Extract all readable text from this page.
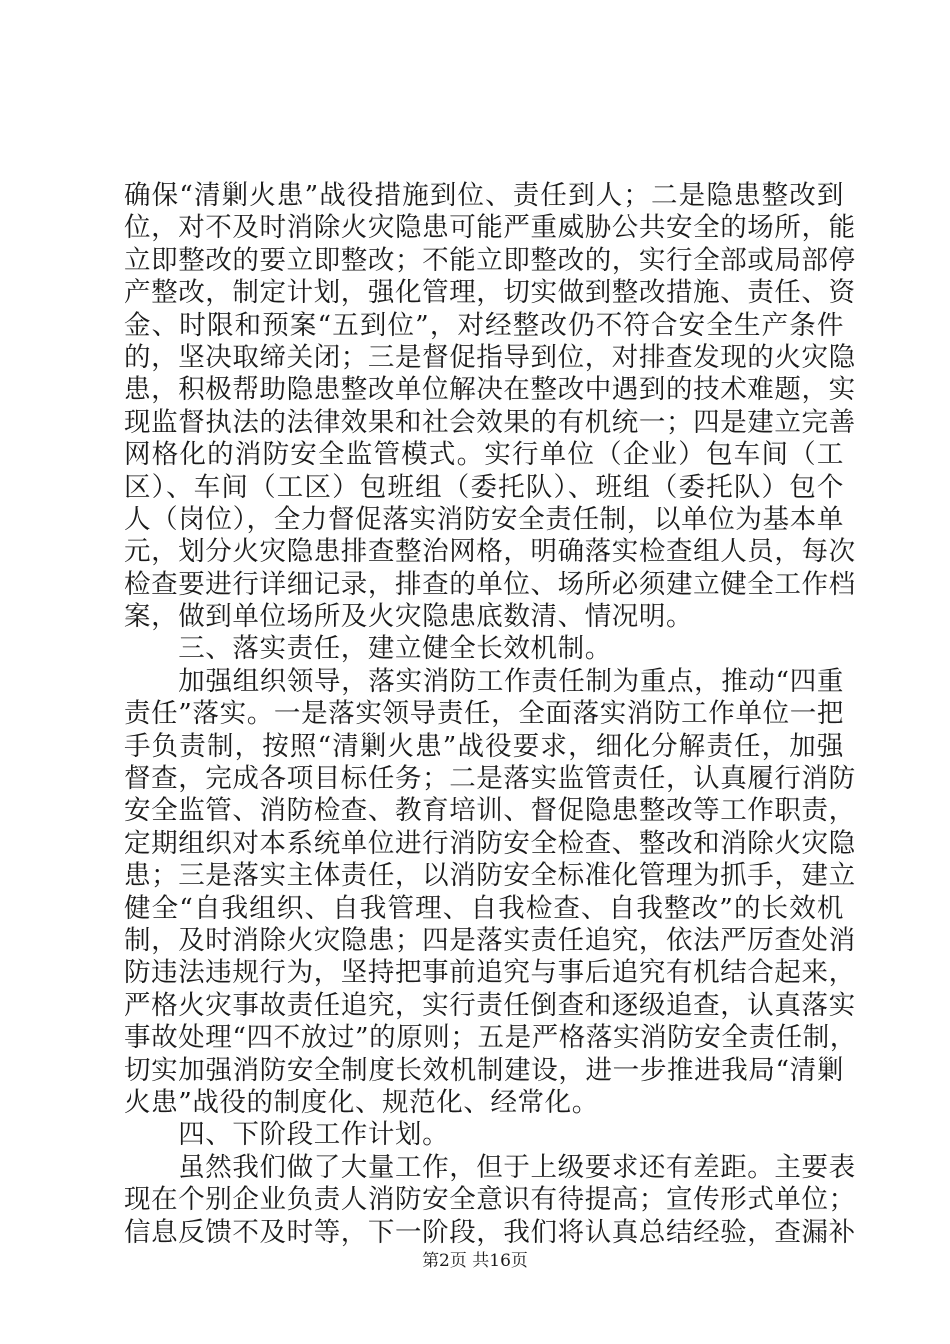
确保“清剿火患”战役措施到位、责任到人；二是隐患整改到
位，对不及时消除火灾隐患可能严重威胁公共安全的场所，能
立即整改的要立即整改；不能立即整改的，实行全部或局部停
产整改，制定计划，强化管理，切实做到整改措施、责任、资
金、时限和预案“五到位”，对经整改仍不符合安全生产条件
的，坚决取缔关闭；三是督促指导到位，对排查发现的火灾隐
患，积极帮助隐患整改单位解决在整改中遇到的技术难题，实
现监督执法的法律效果和社会效果的有机统一；四是建立完善
网格化的消防安全监管模式。实行单位（企业）包车间（工
区）、车间（工区）包班组（委托队）、班组（委托队）包个
人（岗位），全力督促落实消防安全责任制，以单位为基本单
元，划分火灾隐患排查整治网格，明确落实检查组人员，每次
检查要进行详细记录，排查的单位、场所必须建立健全工作档
案，做到单位场所及火灾隐患底数清、情况明。
　　三、落实责任，建立健全长效机制。
　　加强组织领导，落实消防工作责任制为重点，推动“四重
责任”落实。一是落实领导责任，全面落实消防工作单位一把
手负责制，按照“清剿火患”战役要求，细化分解责任，加强
督查，完成各项目标任务；二是落实监管责任，认真履行消防
安全监管、消防检查、教育培训、督促隐患整改等工作职责，
定期组织对本系统单位进行消防安全检查、整改和消除火灾隐
患；三是落实主体责任，以消防安全标准化管理为抓手，建立
健全“自我组织、自我管理、自我检查、自我整改”的长效机
制，及时消除火灾隐患；四是落实责任追究，依法严厉查处消
防违法违规行为，坚持把事前追究与事后追究有机结合起来，
严格火灾事故责任追究，实行责任倒查和逐级追查，认真落实
事故处理“四不放过”的原则；五是严格落实消防安全责任制，
切实加强消防安全制度长效机制建设，进一步推进我局“清剿
火患”战役的制度化、规范化、经常化。
　　四、下阶段工作计划。
　　虽然我们做了大量工作，但于上级要求还有差距。主要表
现在个别企业负责人消防安全意识有待提高；宣传形式单位；
信息反馈不及时等，下一阶段，我们将认真总结经验，查漏补
第2页 共16页
